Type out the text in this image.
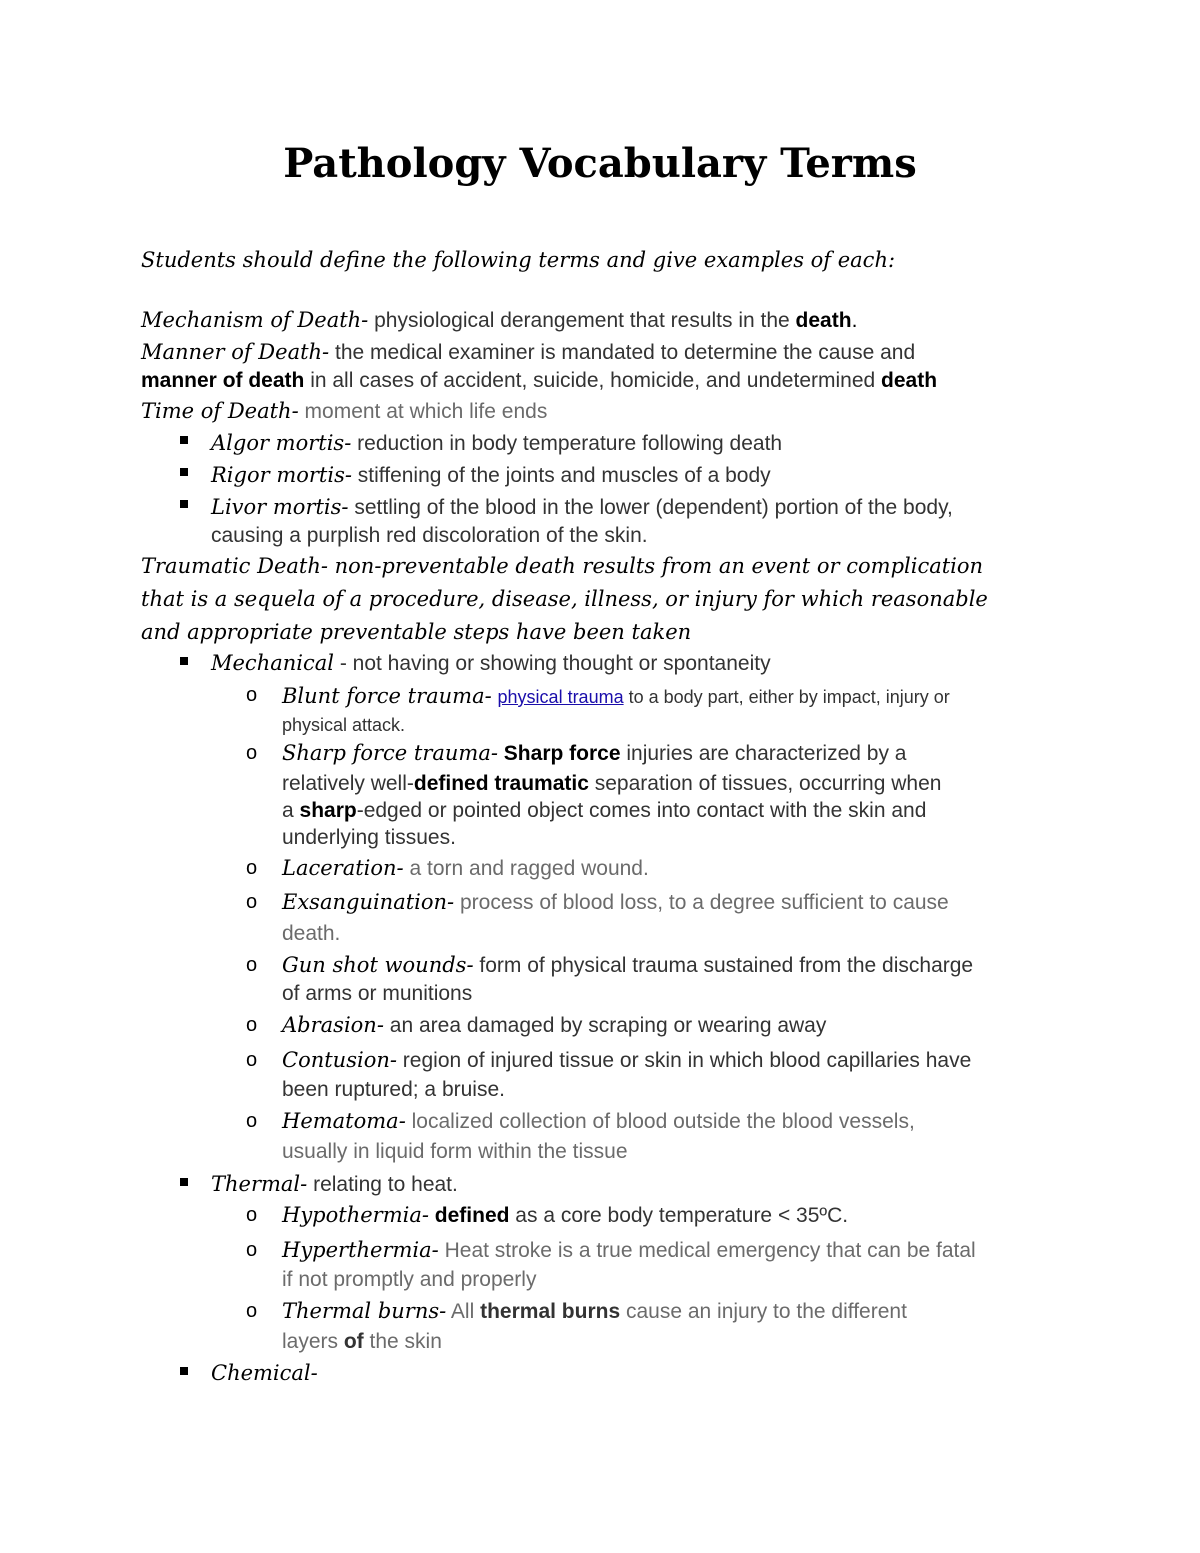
Pathology Vocabulary Terms
Students should define the following terms and give examples of each:
Mechanism of Death- physiological derangement that results in the death.
Manner of Death- the medical examiner is mandated to determine the cause and
manner of death in all cases of accident, suicide, homicide, and undetermined death
Time of Death- moment at which life ends
Algor mortis- reduction in body temperature following death
Rigor mortis- stiffening of the joints and muscles of a body
Livor mortis- settling of the blood in the lower (dependent) portion of the body,
causing a purplish red discoloration of the skin.
Traumatic Death- non-preventable death results from an event or complication
that is a sequela of a procedure, disease, illness, or injury for which reasonable
and appropriate preventable steps have been taken
Mechanical - not having or showing thought or spontaneity
o Blunt force trauma- physical trauma to a body part, either by impact, injury or
physical attack.
o Sharp force trauma- Sharp force injuries are characterized by a
relatively well-defined traumatic separation of tissues, occurring when
a sharp-edged or pointed object comes into contact with the skin and
underlying tissues.
o Laceration- a torn and ragged wound.
o Exsanguination- process of blood loss, to a degree sufficient to cause
death.
o Gun shot wounds- form of physical trauma sustained from the discharge
of arms or munitions
o Abrasion- an area damaged by scraping or wearing away
o Contusion- region of injured tissue or skin in which blood capillaries have
been ruptured; a bruise.
o Hematoma- localized collection of blood outside the blood vessels,
usually in liquid form within the tissue
Thermal- relating to heat.
o Hypothermia- defined as a core body temperature < 35ºC.
o Hyperthermia- Heat stroke is a true medical emergency that can be fatal
if not promptly and properly
o Thermal burns- All thermal burns cause an injury to the different
layers of the skin
Chemical-
